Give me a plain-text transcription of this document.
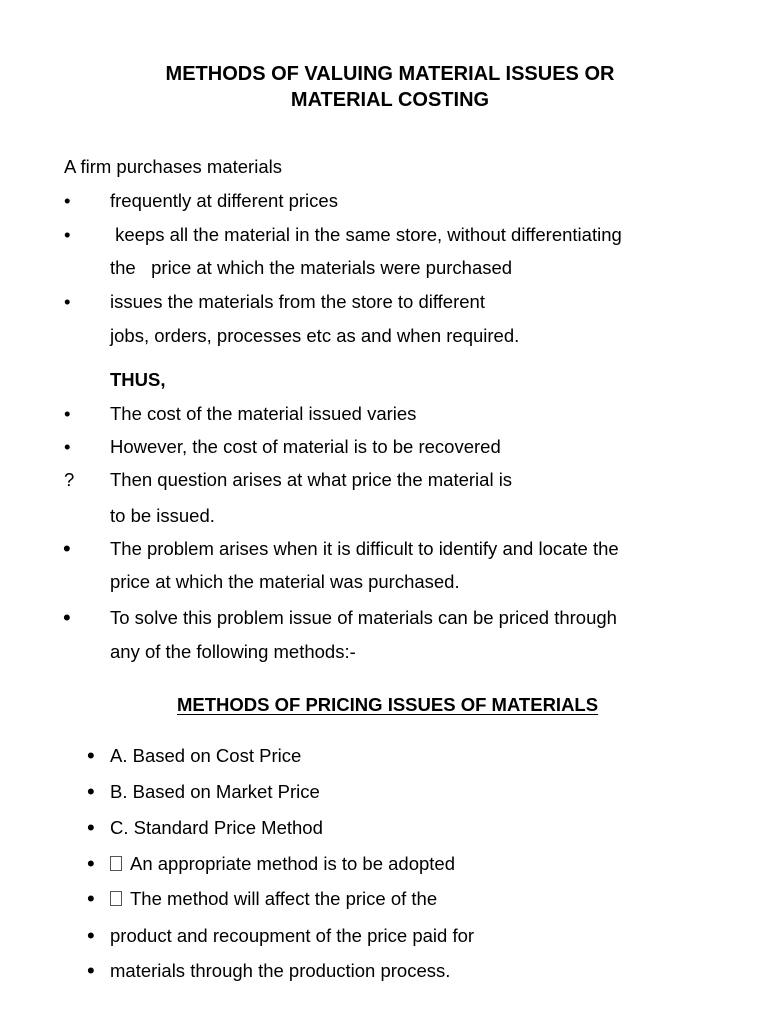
METHODS OF VALUING MATERIAL ISSUES OR
MATERIAL COSTING
A firm purchases materials
• frequently at different prices
• keeps all the material in the same store, without differentiating
the   price at which the materials were purchased
• issues the materials from the store to different
jobs, orders, processes etc as and when required.
THUS,
• The cost of the material issued varies
• However, the cost of material is to be recovered
? Then question arises at what price the material is
to be issued.
• The problem arises when it is difficult to identify and locate the
price at which the material was purchased.
• To solve this problem issue of materials can be priced through
any of the following methods:-
METHODS OF PRICING ISSUES OF MATERIALS
• A. Based on Cost Price
• B. Based on Market Price
• C. Standard Price Method
•	An appropriate method is to be adopted
•	The method will affect the price of the
• product and recoupment of the price paid for
• materials through the production process.
